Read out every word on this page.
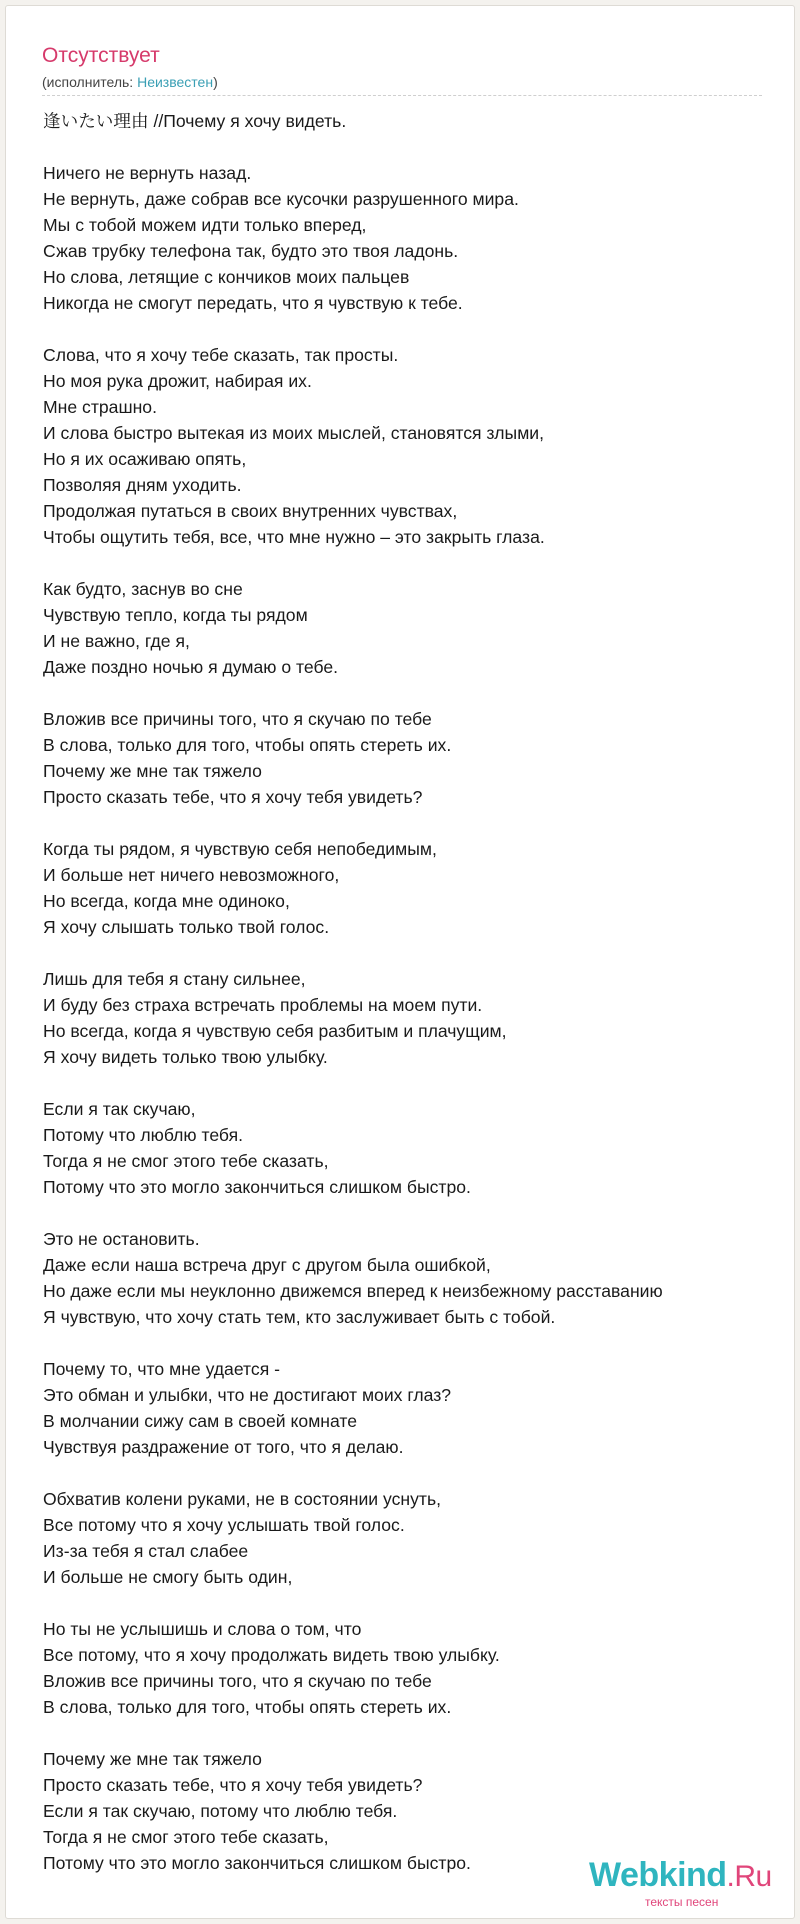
Отсутствует
(исполнитель: Неизвестен)
逢いたい理由 //Почему я хочу видеть.
Ничего не вернуть назад.
Не вернуть, даже собрав все кусочки разрушенного мира.
Мы с тобой можем идти только вперед,
Сжав трубку телефона так, будто это твоя ладонь.
Но слова, летящие с кончиков моих пальцев
Никогда не смогут передать, что я чувствую к тебе.
Слова, что я хочу тебе сказать, так просты.
Но моя рука дрожит, набирая их.
Мне страшно.
И слова быстро вытекая из моих мыслей, становятся злыми,
Но я их осаживаю опять,
Позволяя дням уходить.
Продолжая путаться в своих внутренних чувствах,
Чтобы ощутить тебя, все, что мне нужно – это закрыть глаза.
Как будто, заснув во сне
Чувствую тепло, когда ты рядом
И не важно, где я,
Даже поздно ночью я думаю о тебе.
Вложив все причины того, что я скучаю по тебе
В слова, только для того, чтобы опять стереть их.
Почему же мне так тяжело
Просто сказать тебе, что я хочу тебя увидеть?
Когда ты рядом, я чувствую себя непобедимым,
И больше нет ничего невозможного,
Но всегда, когда мне одиноко,
Я хочу слышать только твой голос.
Лишь для тебя я стану сильнее,
И буду без страха встречать проблемы на моем пути.
Но всегда, когда я чувствую себя разбитым и плачущим,
Я хочу видеть только твою улыбку.
Если я так скучаю,
Потому что люблю тебя.
Тогда я не смог этого тебе сказать,
Потому что это могло закончиться слишком быстро.
Это не остановить.
Даже если наша встреча друг с другом была ошибкой,
Но даже если мы неуклонно движемся вперед к неизбежному расставанию
Я чувствую, что хочу стать тем, кто заслуживает быть с тобой.
Почему то, что мне удается -
Это обман и улыбки, что не достигают моих глаз?
В молчании сижу сам в своей комнате
Чувствуя раздражение от того, что я делаю.
Обхватив колени руками, не в состоянии уснуть,
Все потому что я хочу услышать твой голос.
Из-за тебя я стал слабее
И больше не смогу быть один,
Но ты не услышишь и слова о том, что
Все потому, что я хочу продолжать видеть твою улыбку.
Вложив все причины того, что я скучаю по тебе
В слова, только для того, чтобы опять стереть их.
Почему же мне так тяжело
Просто сказать тебе, что я хочу тебя увидеть?
Если я так скучаю, потому что люблю тебя.
Тогда я не смог этого тебе сказать,
Потому что это могло закончиться слишком быстро.	Webkind.Ru
тексты песен
